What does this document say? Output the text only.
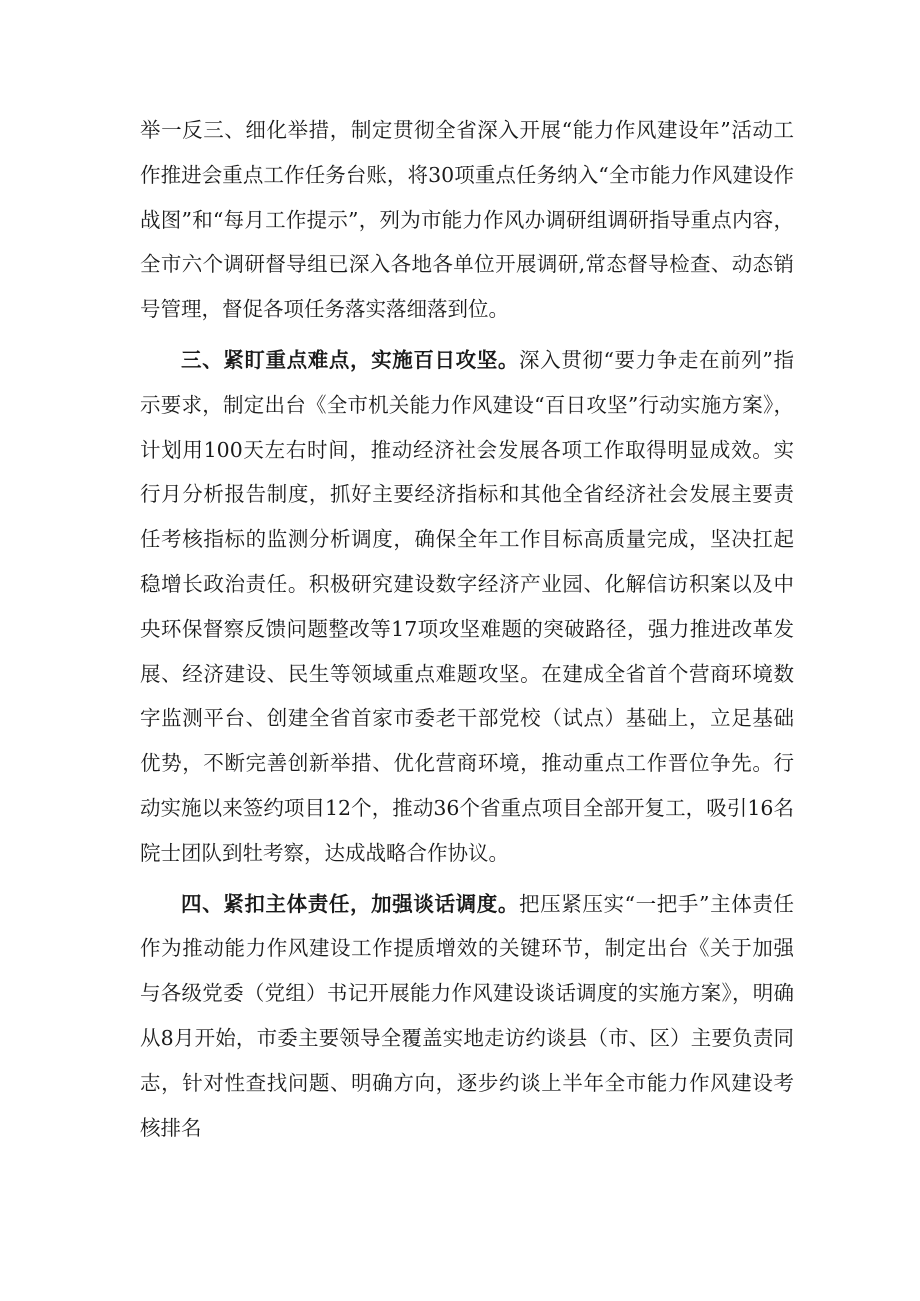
举一反三、细化举措，制定贯彻全省深入开展“能力作风建设年”活动工作推进会重点工作任务台账，将30项重点任务纳入“全市能力作风建设作战图”和“每月工作提示”，列为市能力作风办调研组调研指导重点内容，全市六个调研督导组已深入各地各单位开展调研,常态督导检查、动态销号管理，督促各项任务落实落细落到位。

三、紧盯重点难点，实施百日攻坚。深入贯彻“要力争走在前列”指示要求，制定出台《全市机关能力作风建设“百日攻坚”行动实施方案》，计划用100天左右时间，推动经济社会发展各项工作取得明显成效。实行月分析报告制度，抓好主要经济指标和其他全省经济社会发展主要责任考核指标的监测分析调度，确保全年工作目标高质量完成，坚决扛起稳增长政治责任。积极研究建设数字经济产业园、化解信访积案以及中央环保督察反馈问题整改等17项攻坚难题的突破路径，强力推进改革发展、经济建设、民生等领域重点难题攻坚。在建成全省首个营商环境数字监测平台、创建全省首家市委老干部党校（试点）基础上，立足基础优势，不断完善创新举措、优化营商环境，推动重点工作晋位争先。行动实施以来签约项目12个，推动36个省重点项目全部开复工，吸引16名院士团队到牡考察，达成战略合作协议。

四、紧扣主体责任，加强谈话调度。把压紧压实“一把手”主体责任作为推动能力作风建设工作提质增效的关键环节，制定出台《关于加强与各级党委（党组）书记开展能力作风建设谈话调度的实施方案》，明确从8月开始，市委主要领导全覆盖实地走访约谈县（市、区）主要负责同志，针对性查找问题、明确方向，逐步约谈上半年全市能力作风建设考核排名
